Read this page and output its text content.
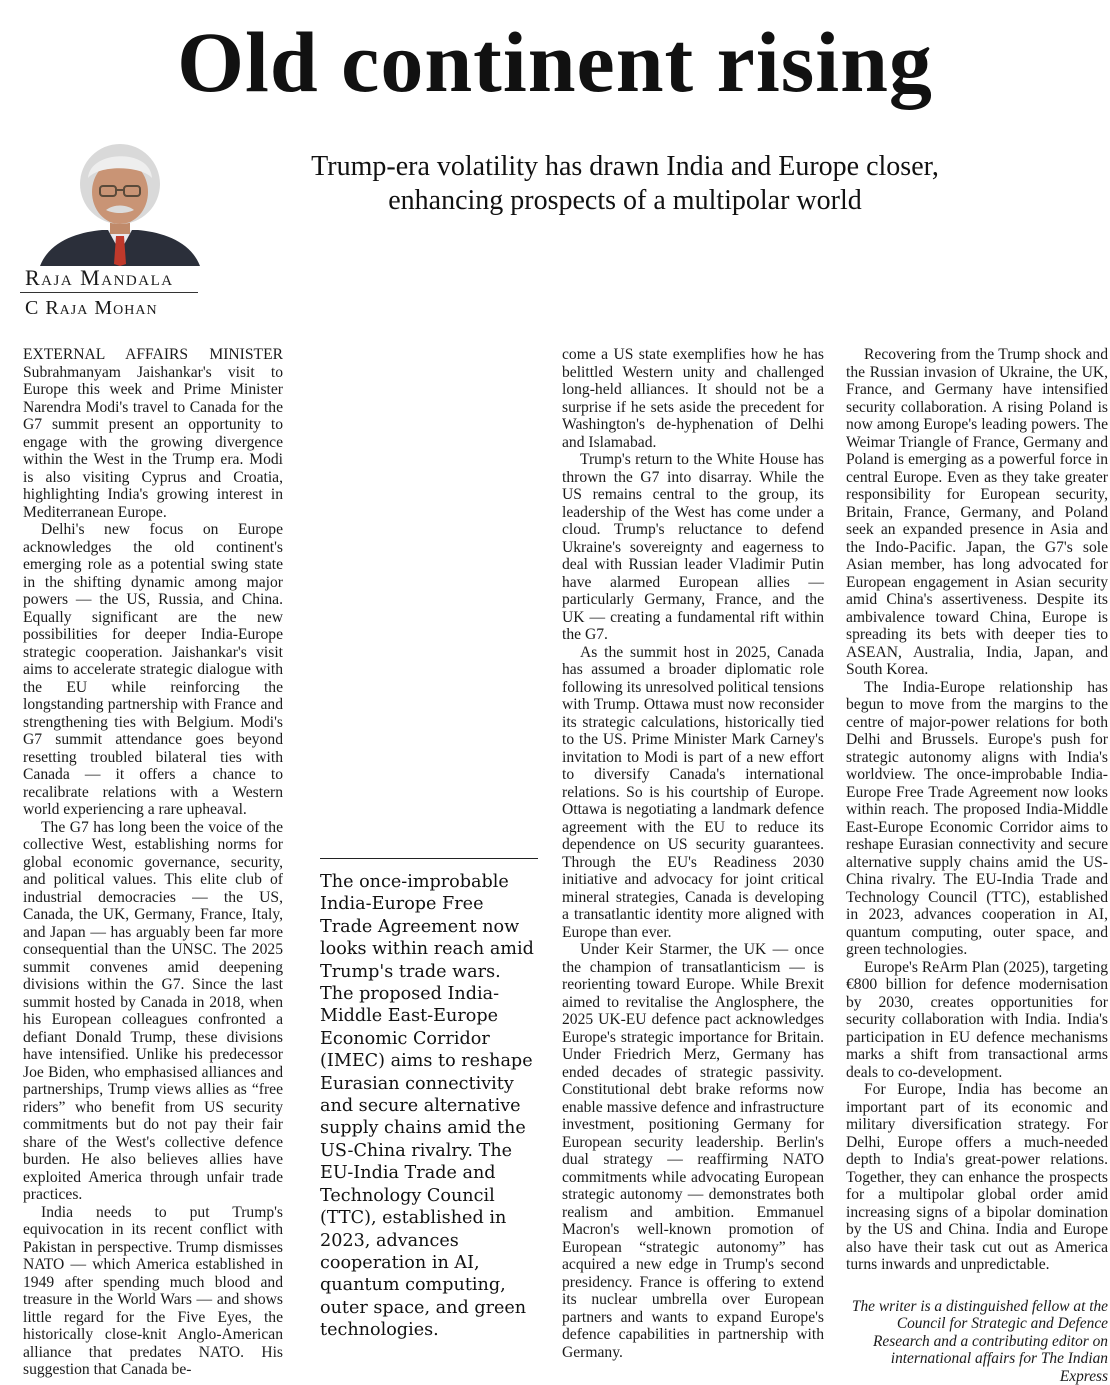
Old continent rising
Trump-era volatility has drawn India and Europe closer,
enhancing prospects of a multipolar world
Raja Mandala
C Raja Mohan

EXTERNAL AFFAIRS MINISTER Subrahmanyam Jaishankar's visit to Europe this week and Prime Minister Narendra Modi's travel to Canada for the G7 summit present an opportunity to engage with the growing divergence within the West in the Trump era. Modi is also visiting Cyprus and Croatia, highlighting India's growing interest in Mediterranean Europe.

Delhi's new focus on Europe acknowledges the old continent's emerging role as a potential swing state in the shifting dynamic among major powers — the US, Russia, and China. Equally significant are the new possibilities for deeper India-Europe strategic cooperation. Jaishankar's visit aims to accelerate strategic dialogue with the EU while reinforcing the longstanding partnership with France and strengthening ties with Belgium. Modi's G7 summit attendance goes beyond resetting troubled bilateral ties with Canada — it offers a chance to recalibrate relations with a Western world experiencing a rare upheaval.

The G7 has long been the voice of the collective West, establishing norms for global economic governance, security, and political values. This elite club of industrial democracies — the US, Canada, the UK, Germany, France, Italy, and Japan — has arguably been far more consequential than the UNSC. The 2025 summit convenes amid deepening divisions within the G7. Since the last summit hosted by Canada in 2018, when his European colleagues confronted a defiant Donald Trump, these divisions have intensified. Unlike his predecessor Joe Biden, who emphasised alliances and partnerships, Trump views allies as “free riders” who benefit from US security commitments but do not pay their fair share of the West's collective defence burden. He also believes allies have exploited America through unfair trade practices.

India needs to put Trump's equivocation in its recent conflict with Pakistan in perspective. Trump dismisses NATO — which America established in 1949 after spending much blood and treasure in the World Wars — and shows little regard for the Five Eyes, the historically close-knit Anglo-American alliance that predates NATO. His suggestion that Canada be-

The once-improbable India-Europe Free Trade Agreement now looks within reach amid Trump's trade wars. The proposed India-Middle East-Europe Economic Corridor (IMEC) aims to reshape Eurasian connectivity and secure alternative supply chains amid the US-China rivalry. The EU-India Trade and Technology Council (TTC), established in 2023, advances cooperation in AI, quantum computing, outer space, and green technologies.

come a US state exemplifies how he has belittled Western unity and challenged long-held alliances. It should not be a surprise if he sets aside the precedent for Washington's de-hyphenation of Delhi and Islamabad.

Trump's return to the White House has thrown the G7 into disarray. While the US remains central to the group, its leadership of the West has come under a cloud. Trump's reluctance to defend Ukraine's sovereignty and eagerness to deal with Russian leader Vladimir Putin have alarmed European allies — particularly Germany, France, and the UK — creating a fundamental rift within the G7.

As the summit host in 2025, Canada has assumed a broader diplomatic role following its unresolved political tensions with Trump. Ottawa must now reconsider its strategic calculations, historically tied to the US. Prime Minister Mark Carney's invitation to Modi is part of a new effort to diversify Canada's international relations. So is his courtship of Europe. Ottawa is negotiating a landmark defence agreement with the EU to reduce its dependence on US security guarantees. Through the EU's Readiness 2030 initiative and advocacy for joint critical mineral strategies, Canada is developing a transatlantic identity more aligned with Europe than ever.

Under Keir Starmer, the UK — once the champion of transatlanticism — is reorienting toward Europe. While Brexit aimed to revitalise the Anglosphere, the 2025 UK-EU defence pact acknowledges Europe's strategic importance for Britain. Under Friedrich Merz, Germany has ended decades of strategic passivity. Constitutional debt brake reforms now enable massive defence and infrastructure investment, positioning Germany for European security leadership. Berlin's dual strategy — reaffirming NATO commitments while advocating European strategic autonomy — demonstrates both realism and ambition. Emmanuel Macron's well-known promotion of European “strategic autonomy” has acquired a new edge in Trump's second presidency. France is offering to extend its nuclear umbrella over European partners and wants to expand Europe's defence capabilities in partnership with Germany.

Recovering from the Trump shock and the Russian invasion of Ukraine, the UK, France, and Germany have intensified security collaboration. A rising Poland is now among Europe's leading powers. The Weimar Triangle of France, Germany and Poland is emerging as a powerful force in central Europe. Even as they take greater responsibility for European security, Britain, France, Germany, and Poland seek an expanded presence in Asia and the Indo-Pacific. Japan, the G7's sole Asian member, has long advocated for European engagement in Asian security amid China's assertiveness. Despite its ambivalence toward China, Europe is spreading its bets with deeper ties to ASEAN, Australia, India, Japan, and South Korea.

The India-Europe relationship has begun to move from the margins to the centre of major-power relations for both Delhi and Brussels. Europe's push for strategic autonomy aligns with India's worldview. The once-improbable India-Europe Free Trade Agreement now looks within reach. The proposed India-Middle East-Europe Economic Corridor aims to reshape Eurasian connectivity and secure alternative supply chains amid the US-China rivalry. The EU-India Trade and Technology Council (TTC), established in 2023, advances cooperation in AI, quantum computing, outer space, and green technologies.

Europe's ReArm Plan (2025), targeting €800 billion for defence modernisation by 2030, creates opportunities for security collaboration with India. India's participation in EU defence mechanisms marks a shift from transactional arms deals to co-development.

For Europe, India has become an important part of its economic and military diversification strategy. For Delhi, Europe offers a much-needed depth to India's great-power relations. Together, they can enhance the prospects for a multipolar global order amid increasing signs of a bipolar domination by the US and China. India and Europe also have their task cut out as America turns inwards and unpredictable.

The writer is a distinguished fellow at the Council for Strategic and Defence Research and a contributing editor on international affairs for The Indian Express
